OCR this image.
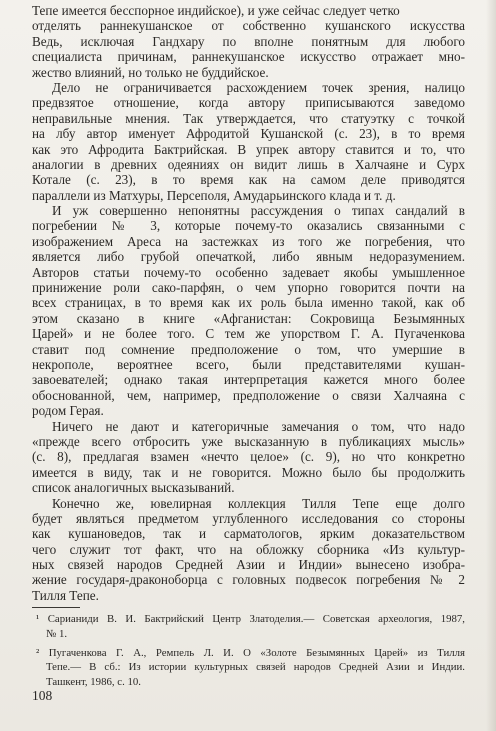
Тепе имеется бесспорное индийское), и уже сейчас следует четко
отделять раннекушанское от собственно кушанского искусства
Ведь, исключая Гандхару по вполне понятным для любого
специалиста причинам, раннекушанское искусство отражает мно-
жество влияний, но только не буддийское.
Дело не ограничивается расхождением точек зрения, налицо
предвзятое отношение, когда автору приписываются заведомо
неправильные мнения. Так утверждается, что статуэтку с точкой
на лбу автор именует Афродитой Кушанской (с. 23), в то время
как это Афродита Бактрийская. В упрек автору ставится и то, что
аналогии в древних одеяниях он видит лишь в Халчаяне и Сурх
Котале (с. 23), в то время как на самом деле приводятся
параллели из Матхуры, Персеполя, Амударьинского клада и т. д.
И уж совершенно непонятны рассуждения о типах сандалий в
погребении № 3, которые почему-то оказались связанными с
изображением Ареса на застежках из того же погребения, что
является либо грубой опечаткой, либо явным недоразумением.
Авторов статьи почему-то особенно задевает якобы умышленное
принижение роли сако-парфян, о чем упорно говорится почти на
всех страницах, в то время как их роль была именно такой, как об
этом сказано в книге «Афганистан: Сокровища Безымянных
Царей» и не более того. С тем же упорством Г. А. Пугаченкова
ставит под сомнение предположение о том, что умершие в
некрополе, вероятнее всего, были представителями кушан-
завоевателей; однако такая интерпретация кажется много более
обоснованной, чем, например, предположение о связи Халчаяна с
родом Герая.
Ничего не дают и категоричные замечания о том, что надо
«прежде всего отбросить уже высказанную в публикациях мысль»
(с. 8), предлагая взамен «нечто целое» (с. 9), но что конкретно
имеется в виду, так и не говорится. Можно было бы продолжить
список аналогичных высказываний.
Конечно же, ювелирная коллекция Тилля Тепе еще долго
будет являться предметом углубленного исследования со стороны
как кушановедов, так и сарматологов, ярким доказательством
чего служит тот факт, что на обложку сборника «Из культур-
ных связей народов Средней Азии и Индии» вынесено изобра-
жение государя-драконоборца с головных подвесок погребения № 2
Тилля Тепе.
¹ Сарианиди В. И. Бактрийский Центр Златоделия.— Советская археология, 1987,
№ 1.
² Пугаченкова Г. А., Ремпель Л. И. О «Золоте Безымянных Царей» из Тилля
Тепе.— В сб.: Из истории культурных связей народов Средней Азии и Индии.
Ташкент, 1986, с. 10.
108
